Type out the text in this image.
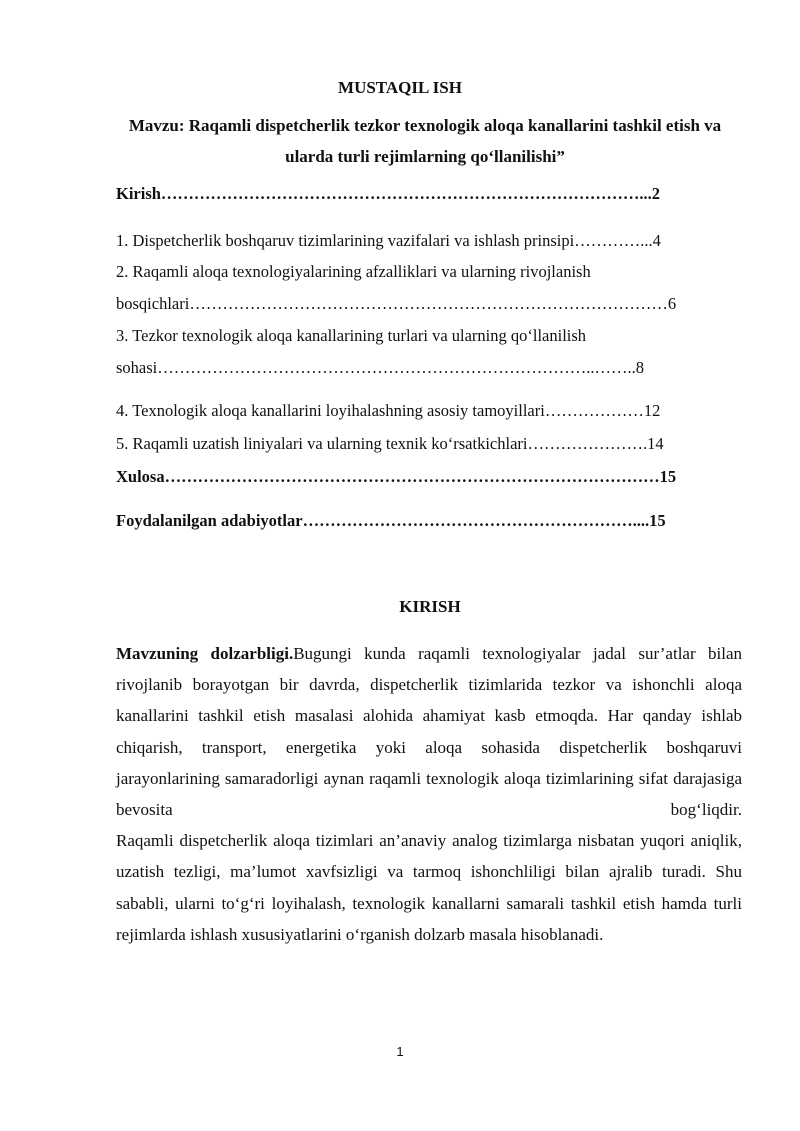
MUSTAQIL ISH
Mavzu: Raqamli dispetcherlik tezkor texnologik aloqa kanallarini tashkil etish va ularda turli rejimlarning qo‘llanilishi”
Kirish……………………………………………………………………………...2
1. Dispetcherlik boshqaruv tizimlarining vazifalari va ishlash prinsipi…………...4
2. Raqamli aloqa texnologiyalarining afzalliklari va ularning rivojlanish
bosqichlari……………………………………………………………………………6
3. Tezkor texnologik aloqa kanallarining turlari va ularning qo‘llanilish
sohasi……………………………………………………………………..……..8
4. Texnologik aloqa kanallarini loyihalashning asosiy tamoyillari………………12
5. Raqamli uzatish liniyalari va ularning texnik ko‘rsatkichlari………………….14
Xulosa………………………………………………………………………………15
Foydalanilgan adabiyotlar……………………………………………………....15
KIRISH

Mavzuning dolzarbligi.Bugungi kunda raqamli texnologiyalar jadal sur’atlar bilan rivojlanib borayotgan bir davrda, dispetcherlik tizimlarida tezkor va ishonchli aloqa kanallarini tashkil etish masalasi alohida ahamiyat kasb etmoqda. Har qanday ishlab chiqarish, transport, energetika yoki aloqa sohasida dispetcherlik boshqaruvi jarayonlarining samaradorligi aynan raqamli texnologik aloqa tizimlarining sifat darajasiga bevosita bog‘liqdir.

Raqamli dispetcherlik aloqa tizimlari an’anaviy analog tizimlarga nisbatan yuqori aniqlik, uzatish tezligi, ma’lumot xavfsizligi va tarmoq ishonchliligi bilan ajralib turadi. Shu sababli, ularni to‘g‘ri loyihalash, texnologik kanallarni samarali tashkil etish hamda turli rejimlarda ishlash xususiyatlarini o‘rganish dolzarb masala hisoblanadi.

1
